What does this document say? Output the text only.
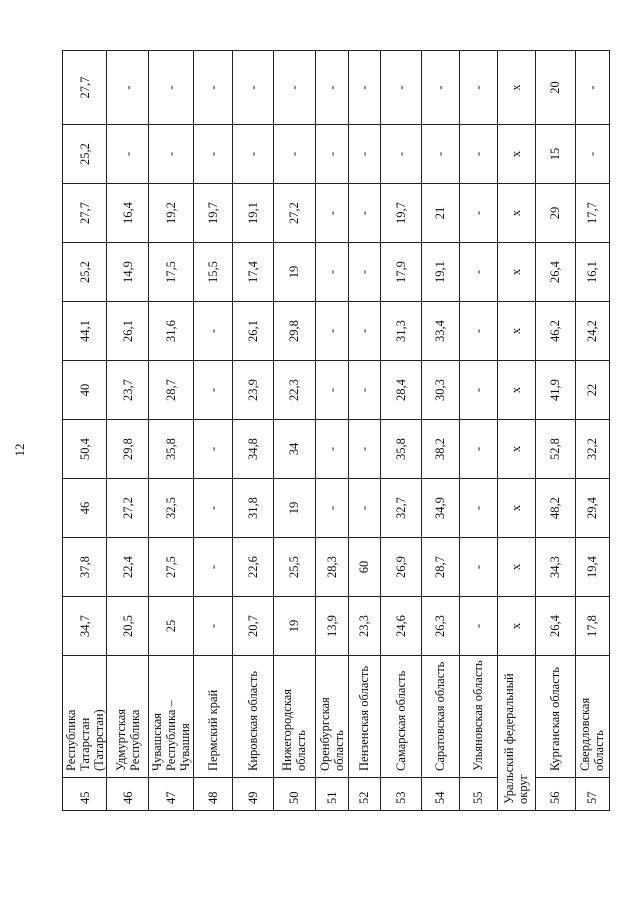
12
45	Республика Татарстан (Татарстан)	34,7	37,8	46	50,4	40	44,1	25,2	27,7	25,2	27,7
46	Удмуртская Республика	20,5	22,4	27,2	29,8	23,7	26,1	14,9	16,4	-	-
47	Чувашская Республика – Чувашия	25	27,5	32,5	35,8	28,7	31,6	17,5	19,2	-	-
48	Пермский край	-	-	-	-	-	-	15,5	19,7	-	-
49	Кировская область	20,7	22,6	31,8	34,8	23,9	26,1	17,4	19,1	-	-
50	Нижегородская область	19	25,5	19	34	22,3	29,8	19	27,2	-	-
51	Оренбургская область	13,9	28,3	-	-	-	-	-	-	-	-
52	Пензенская область	23,3	60	-	-	-	-	-	-	-	-
53	Самарская область	24,6	26,9	32,7	35,8	28,4	31,3	17,9	19,7	-	-
54	Саратовская область	26,3	28,7	34,9	38,2	30,3	33,4	19,1	21	-	-
55	Ульяновская область	-	-	-	-	-	-	-	-	-	-
Уральский федеральный округ		x	x	x	x	x	x	x	x	x	x
56	Курганская область	26,4	34,3	48,2	52,8	41,9	46,2	26,4	29	15	20
57	Свердловская область	17,8	19,4	29,4	32,2	22	24,2	16,1	17,7	-	-
